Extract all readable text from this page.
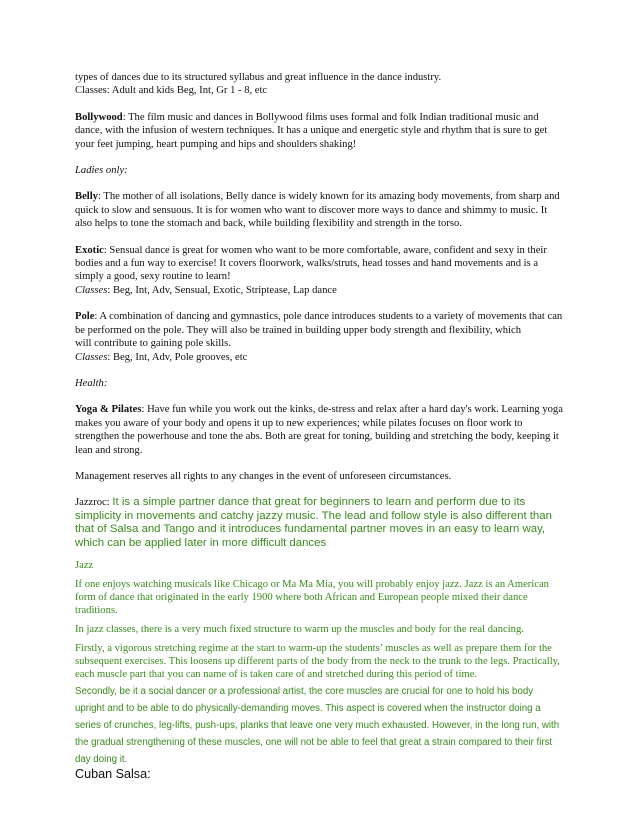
types of dances due to its structured syllabus and great influence in the dance industry.
Classes: Adult and kids Beg, Int, Gr 1 - 8, etc

Bollywood: The film music and dances in Bollywood films uses formal and folk Indian traditional music and dance, with the infusion of western techniques. It has a unique and energetic style and rhythm that is sure to get your feet jumping, heart pumping and hips and shoulders shaking!

Ladies only:

Belly: The mother of all isolations, Belly dance is widely known for its amazing body movements, from sharp and quick to slow and sensuous. It is for women who want to discover more ways to dance and shimmy to music. It also helps to tone the stomach and back, while building flexibility and strength in the torso.

Exotic: Sensual dance is great for women who want to be more comfortable, aware, confident and sexy in their bodies and a fun way to exercise! It covers floorwork, walks/struts, head tosses and hand movements and is a simply a good, sexy routine to learn!
Classes: Beg, Int, Adv, Sensual, Exotic, Striptease, Lap dance

Pole: A combination of dancing and gymnastics, pole dance introduces students to a variety of movements that can be performed on the pole. They will also be trained in building upper body strength and flexibility, which
will contribute to gaining pole skills.
Classes: Beg, Int, Adv, Pole grooves, etc

Health:

Yoga & Pilates: Have fun while you work out the kinks, de-stress and relax after a hard day's work. Learning yoga makes you aware of your body and opens it up to new experiences; while pilates focuses on floor work to strengthen the powerhouse and tone the abs. Both are great for toning, building and stretching the body, keeping it lean and strong.

Management reserves all rights to any changes in the event of unforeseen circumstances.

Jazzroc: It is a simple partner dance that great for beginners to learn and perform due to its simplicity in movements and catchy jazzy music. The lead and follow style is also different than that of Salsa and Tango and it introduces fundamental partner moves in an easy to learn way, which can be applied later in more difficult dances

Jazz

If one enjoys watching musicals like Chicago or Ma Ma Mia, you will probably enjoy jazz. Jazz is an American form of dance that originated in the early 1900 where both African and European people mixed their dance traditions.

In jazz classes, there is a very much fixed structure to warm up the muscles and body for the real dancing.

Firstly, a vigorous stretching regime at the start to warm-up the students’ muscles as well as prepare them for the subsequent exercises. This loosens up different parts of the body from the neck to the trunk to the legs. Practically, each muscle part that you can name of is taken care of and stretched during this period of time.

Secondly, be it a social dancer or a professional artist, the core muscles are crucial for one to hold his body upright and to be able to do physically-demanding moves. This aspect is covered when the instructor doing a series of crunches, leg-lifts, push-ups, planks that leave one very much exhausted. However, in the long run, with the gradual strengthening of these muscles, one will not be able to feel that great a strain compared to their first day doing it.

Cuban Salsa:
